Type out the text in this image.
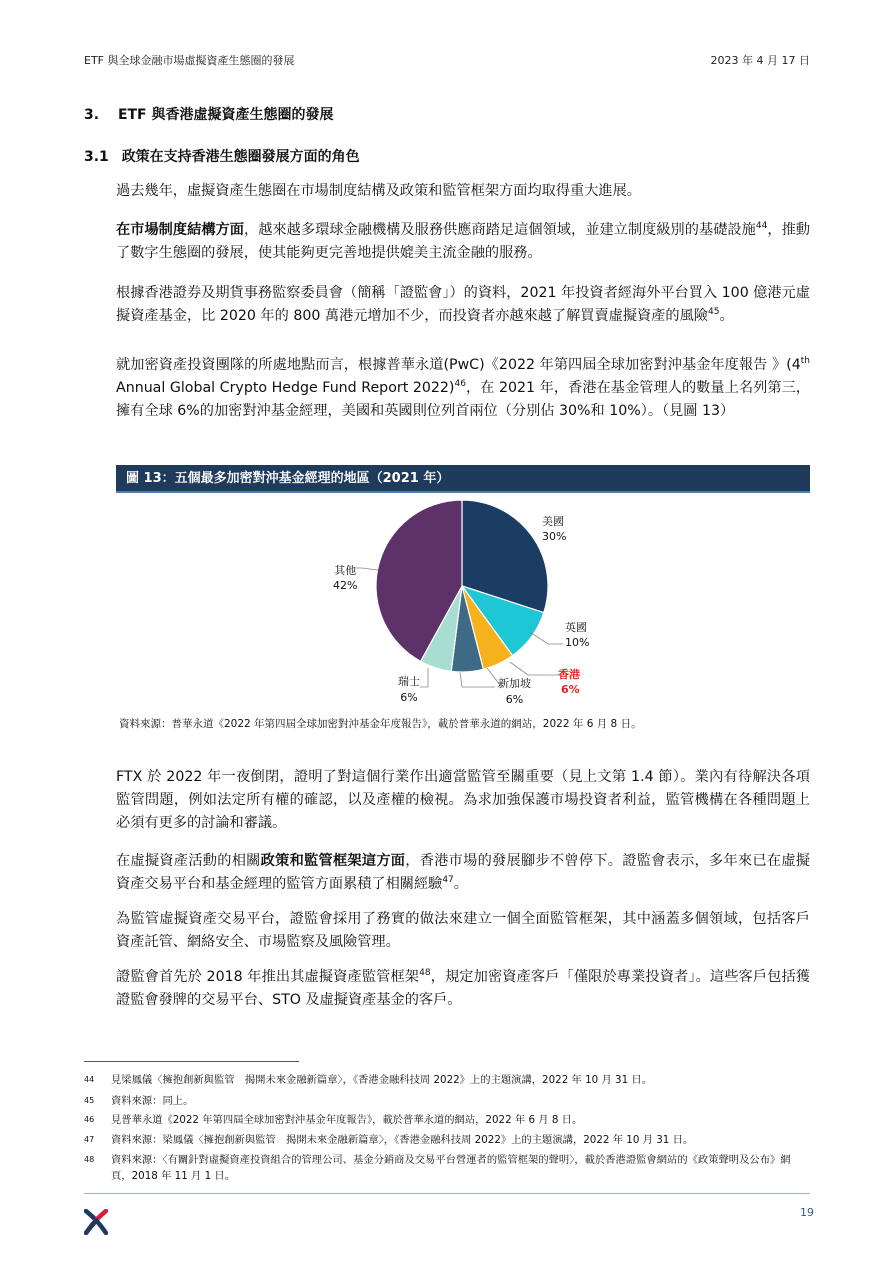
ETF 與全球金融市場虛擬資產生態圈的發展	2023 年 4 月 17 日
3. ETF 與香港虛擬資產生態圈的發展
3.1 政策在支持香港生態圈發展方面的角色
過去幾年，虛擬資產生態圈在市場制度結構及政策和監管框架方面均取得重大進展。
在市場制度結構方面，越來越多環球金融機構及服務供應商踏足這個領域，並建立制度級別的基礎設施$^{44}$，推動了數字生態圈的發展，使其能夠更完善地提供媲美主流金融的服務。
根據香港證券及期貨事務監察委員會（簡稱「證監會」）的資料，2021 年投資者經海外平台買入 100 億港元虛擬資產基金，比 2020 年的 800 萬港元增加不少，而投資者亦越來越了解買賣虛擬資產的風險$^{45}$。
就加密資產投資團隊的所處地點而言，根據普華永道(PwC)《2022 年第四屆全球加密對沖基金年度報告 》(4th Annual Global Crypto Hedge Fund Report 2022)$^{46}$，在 2021 年，香港在基金管理人的數量上名列第三，擁有全球 6%的加密對沖基金經理，美國和英國則位列首兩位（分別佔 30%和 10%）。（見圖 13）
圖 13：五個最多加密對沖基金經理的地區（2021 年）
美國
30%
英國
10%
香港
6%
新加坡
6%
瑞士
6%
其他
42%
資料來源：普華永道《2022 年第四屆全球加密對沖基金年度報告》，載於普華永道的網站，2022 年 6 月 8 日。
FTX 於 2022 年一夜倒閉，證明了對這個行業作出適當監管至關重要（見上文第 1.4 節）。業內有待解決各項監管問題，例如法定所有權的確認，以及產權的檢視。為求加強保護市場投資者利益，監管機構在各種問題上必須有更多的討論和審議。
在虛擬資產活動的相關政策和監管框架這方面，香港市場的發展腳步不曾停下。證監會表示，多年來已在虛擬資產交易平台和基金經理的監管方面累積了相關經驗$^{47}$。
為監管虛擬資產交易平台，證監會採用了務實的做法來建立一個全面監管框架，其中涵蓋多個領域，包括客戶資產託管、網絡安全、市場監察及風險管理。
證監會首先於 2018 年推出其虛擬資產監管框架$^{48}$，規定加密資產客戶「僅限於專業投資者」。這些客戶包括獲證監會發牌的交易平台、STO 及虛擬資產基金的客戶。
44 見梁鳳儀〈擁抱創新與監管　揭開未來金融新篇章〉，《香港金融科技周 2022》上的主題演講，2022 年 10 月 31 日。
45 資料來源：同上。
46 見普華永道《2022 年第四屆全球加密對沖基金年度報告》，載於普華永道的網站，2022 年 6 月 8 日。
47 資料來源：梁鳳儀〈擁抱創新與監管　揭開未來金融新篇章〉，《香港金融科技周 2022》上的主題演講，2022 年 10 月 31 日。
48 資料來源：〈有關針對虛擬資產投資組合的管理公司、基金分銷商及交易平台營運者的監管框架的聲明〉，載於香港證監會網站的《政策聲明及公布》網頁，2018 年 11 月 1 日。
19
